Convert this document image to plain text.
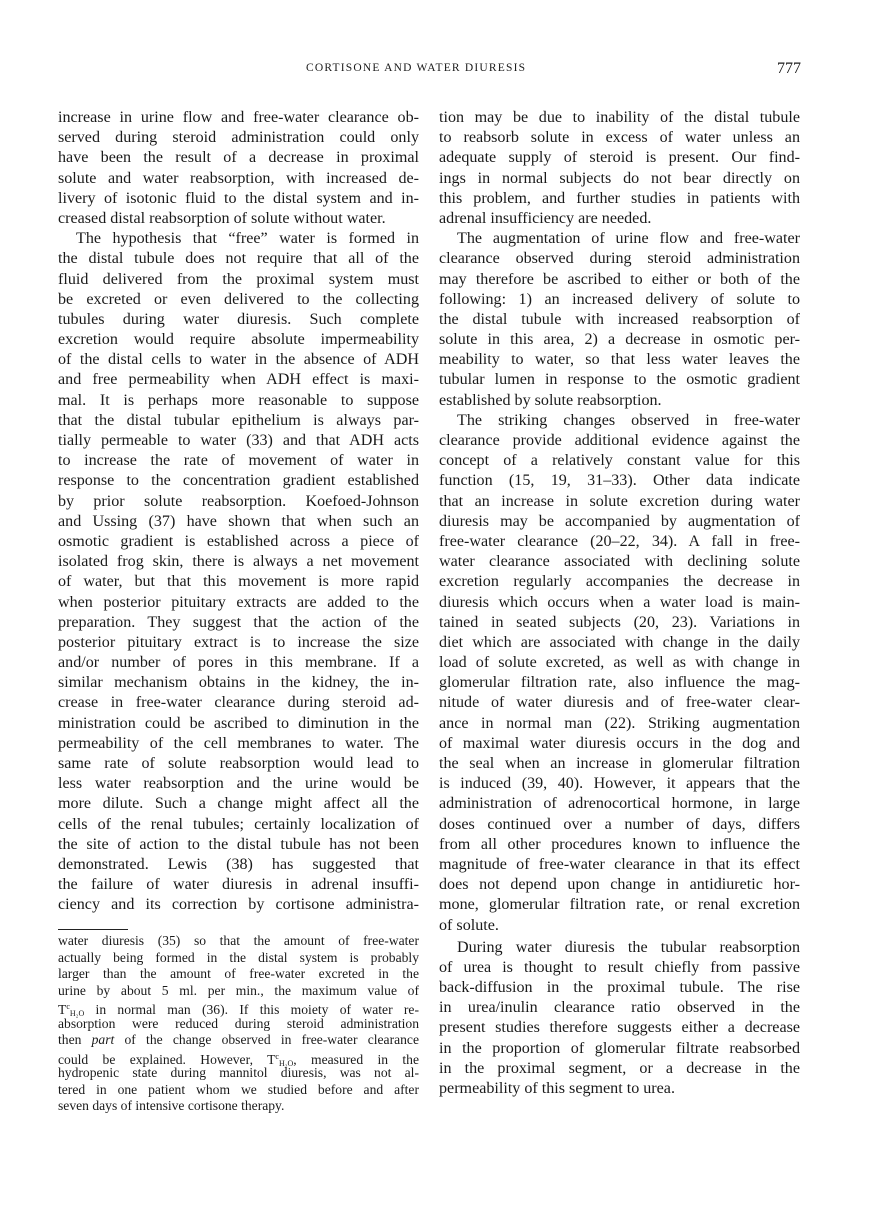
CORTISONE AND WATER DIURESIS	777
increase in urine flow and free-water clearance ob-
served during steroid administration could only
have been the result of a decrease in proximal
solute and water reabsorption, with increased de-
livery of isotonic fluid to the distal system and in-
creased distal reabsorption of solute without water.
The hypothesis that “free” water is formed in
the distal tubule does not require that all of the
fluid delivered from the proximal system must
be excreted or even delivered to the collecting
tubules during water diuresis. Such complete
excretion would require absolute impermeability
of the distal cells to water in the absence of ADH
and free permeability when ADH effect is maxi-
mal. It is perhaps more reasonable to suppose
that the distal tubular epithelium is always par-
tially permeable to water (33) and that ADH acts
to increase the rate of movement of water in
response to the concentration gradient established
by prior solute reabsorption. Koefoed-Johnson
and Ussing (37) have shown that when such an
osmotic gradient is established across a piece of
isolated frog skin, there is always a net movement
of water, but that this movement is more rapid
when posterior pituitary extracts are added to the
preparation. They suggest that the action of the
posterior pituitary extract is to increase the size
and/or number of pores in this membrane. If a
similar mechanism obtains in the kidney, the in-
crease in free-water clearance during steroid ad-
ministration could be ascribed to diminution in the
permeability of the cell membranes to water. The
same rate of solute reabsorption would lead to
less water reabsorption and the urine would be
more dilute. Such a change might affect all the
cells of the renal tubules; certainly localization of
the site of action to the distal tubule has not been
demonstrated. Lewis (38) has suggested that
the failure of water diuresis in adrenal insuffi-
ciency and its correction by cortisone administra-
water diuresis (35) so that the amount of free-water
actually being formed in the distal system is probably
larger than the amount of free-water excreted in the
urine by about 5 ml. per min., the maximum value of
$T^c_{H_2O}$ in normal man (36). If this moiety of water re-
absorption were reduced during steroid administration
then part of the change observed in free-water clearance
could be explained. However, $T^c_{H_2O}$, measured in the
hydropenic state during mannitol diuresis, was not al-
tered in one patient whom we studied before and after
seven days of intensive cortisone therapy.
tion may be due to inability of the distal tubule
to reabsorb solute in excess of water unless an
adequate supply of steroid is present. Our find-
ings in normal subjects do not bear directly on
this problem, and further studies in patients with
adrenal insufficiency are needed.
The augmentation of urine flow and free-water
clearance observed during steroid administration
may therefore be ascribed to either or both of the
following: 1) an increased delivery of solute to
the distal tubule with increased reabsorption of
solute in this area, 2) a decrease in osmotic per-
meability to water, so that less water leaves the
tubular lumen in response to the osmotic gradient
established by solute reabsorption.
The striking changes observed in free-water
clearance provide additional evidence against the
concept of a relatively constant value for this
function (15, 19, 31–33). Other data indicate
that an increase in solute excretion during water
diuresis may be accompanied by augmentation of
free-water clearance (20–22, 34). A fall in free-
water clearance associated with declining solute
excretion regularly accompanies the decrease in
diuresis which occurs when a water load is main-
tained in seated subjects (20, 23). Variations in
diet which are associated with change in the daily
load of solute excreted, as well as with change in
glomerular filtration rate, also influence the mag-
nitude of water diuresis and of free-water clear-
ance in normal man (22). Striking augmentation
of maximal water diuresis occurs in the dog and
the seal when an increase in glomerular filtration
is induced (39, 40). However, it appears that the
administration of adrenocortical hormone, in large
doses continued over a number of days, differs
from all other procedures known to influence the
magnitude of free-water clearance in that its effect
does not depend upon change in antidiuretic hor-
mone, glomerular filtration rate, or renal excretion
of solute.
During water diuresis the tubular reabsorption
of urea is thought to result chiefly from passive
back-diffusion in the proximal tubule. The rise
in urea/inulin clearance ratio observed in the
present studies therefore suggests either a decrease
in the proportion of glomerular filtrate reabsorbed
in the proximal segment, or a decrease in the
permeability of this segment to urea.
